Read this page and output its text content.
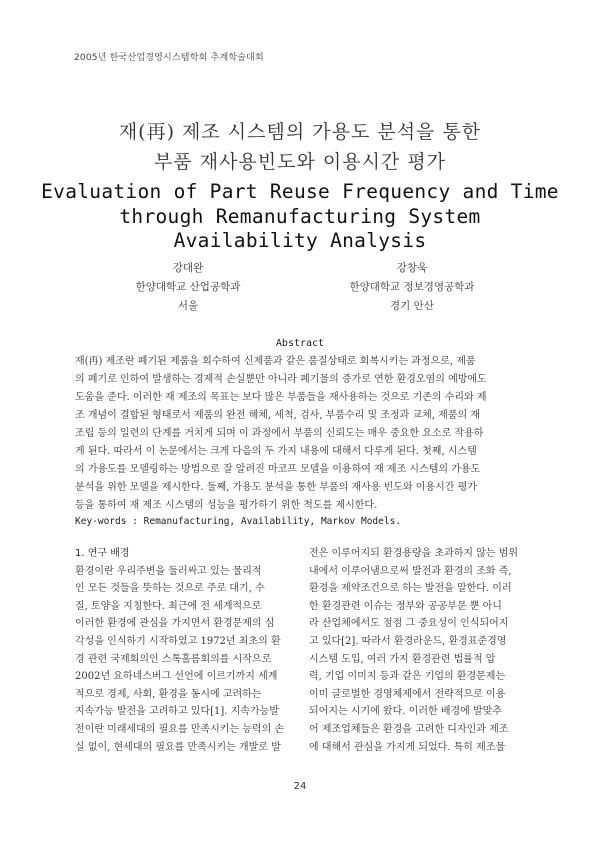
2005년 한국산업경영시스템학회 추계학술대회
재(再) 제조 시스템의 가용도 분석을 통한
부품 재사용빈도와 이용시간 평가
Evaluation of Part Reuse Frequency and Time
through Remanufacturing System
Availability Analysis
강대완
한양대학교 산업공학과
서울
강창욱
한양대학교 정보경영공학과
경기 안산
Abstract
재(再) 제조란 폐기된 제품을 회수하여 신제품과 같은 품질상태로 회복시키는 과정으로, 제품
의 폐기로 인하여 발생하는 경제적 손실뿐만 아니라 폐기물의 증가로 연한 환경오염의 예방에도
도움을 준다. 이러한 재 제조의 목표는 보다 많은 부품들을 재사용하는 것으로 기존의 수리와 제
조 개념이 결합된 형태로서 제품의 완전 해체, 세척, 검사, 부품수리 및 조정과 교체, 제품의 재
조립 등의 일련의 단계를 거치게 되며 이 과정에서 부품의 신뢰도는 매우 중요한 요소로 작용하
게 된다. 따라서 이 논문에서는 크게 다음의 두 가지 내용에 대해서 다루게 된다. 첫째, 시스템
의 가용도를 모델링하는 방법으로 잘 알려진 마코프 모델을 이용하여 재 제조 시스템의 가용도
분석을 위한 모델을 제시한다. 둘째, 가용도 분석을 통한 부품의 재사용 빈도와 이용시간 평가
등을 통하여 재 제조 시스템의 성능을 평가하기 위한 척도를 제시한다.
Key-words : Remanufacturing, Availability, Markov Models.
1. 연구 배경
환경이란 우리주변을 둘러싸고 있는 물리적
인 모든 것들을 뜻하는 것으로 주로 대기, 수
질, 토양을 지칭한다. 최근에 전 세계적으로
이러한 환경에 관심을 가지면서 환경문제의 심
각성을 인식하기 시작하였고 1972년 최초의 환
경 관련 국제회의인 스톡홀름회의를 시작으로
2002년 요하네스버그 선언에 이르기까지 세계
적으로 경제, 사회, 환경을 동시에 고려하는
지속가능 발전을 고려하고 있다[1]. 지속가능발
전이란 미래세대의 필요를 만족시키는 능력의 손
실 없이, 현세대의 필요를 만족시키는 개발로 발
전은 이루어지되 환경용량을 초과하지 않는 범위
내에서 이루어냄으로써 발전과 환경의 조화 즉,
환경을 제약조건으로 하는 발전을 말한다. 이러
한 환경관련 이슈는 정부와 공공부문 뿐 아니
라 산업체에서도 점점 그 중요성이 인식되어지
고 있다[2]. 따라서 환경라운드, 환경표준경영
시스템 도입, 여러 가지 환경관련 법률적 압
력, 기업 이미지 등과 같은 기업의 환경문제는
이미 글로벌한 경영체제에서 전략적으로 이용
되어지는 시기에 왔다. 이러한 배경에 발맞추
어 제조업체들은 환경을 고려한 디자인과 제조
에 대해서 관심을 가지게 되었다. 특히 제조물
24
